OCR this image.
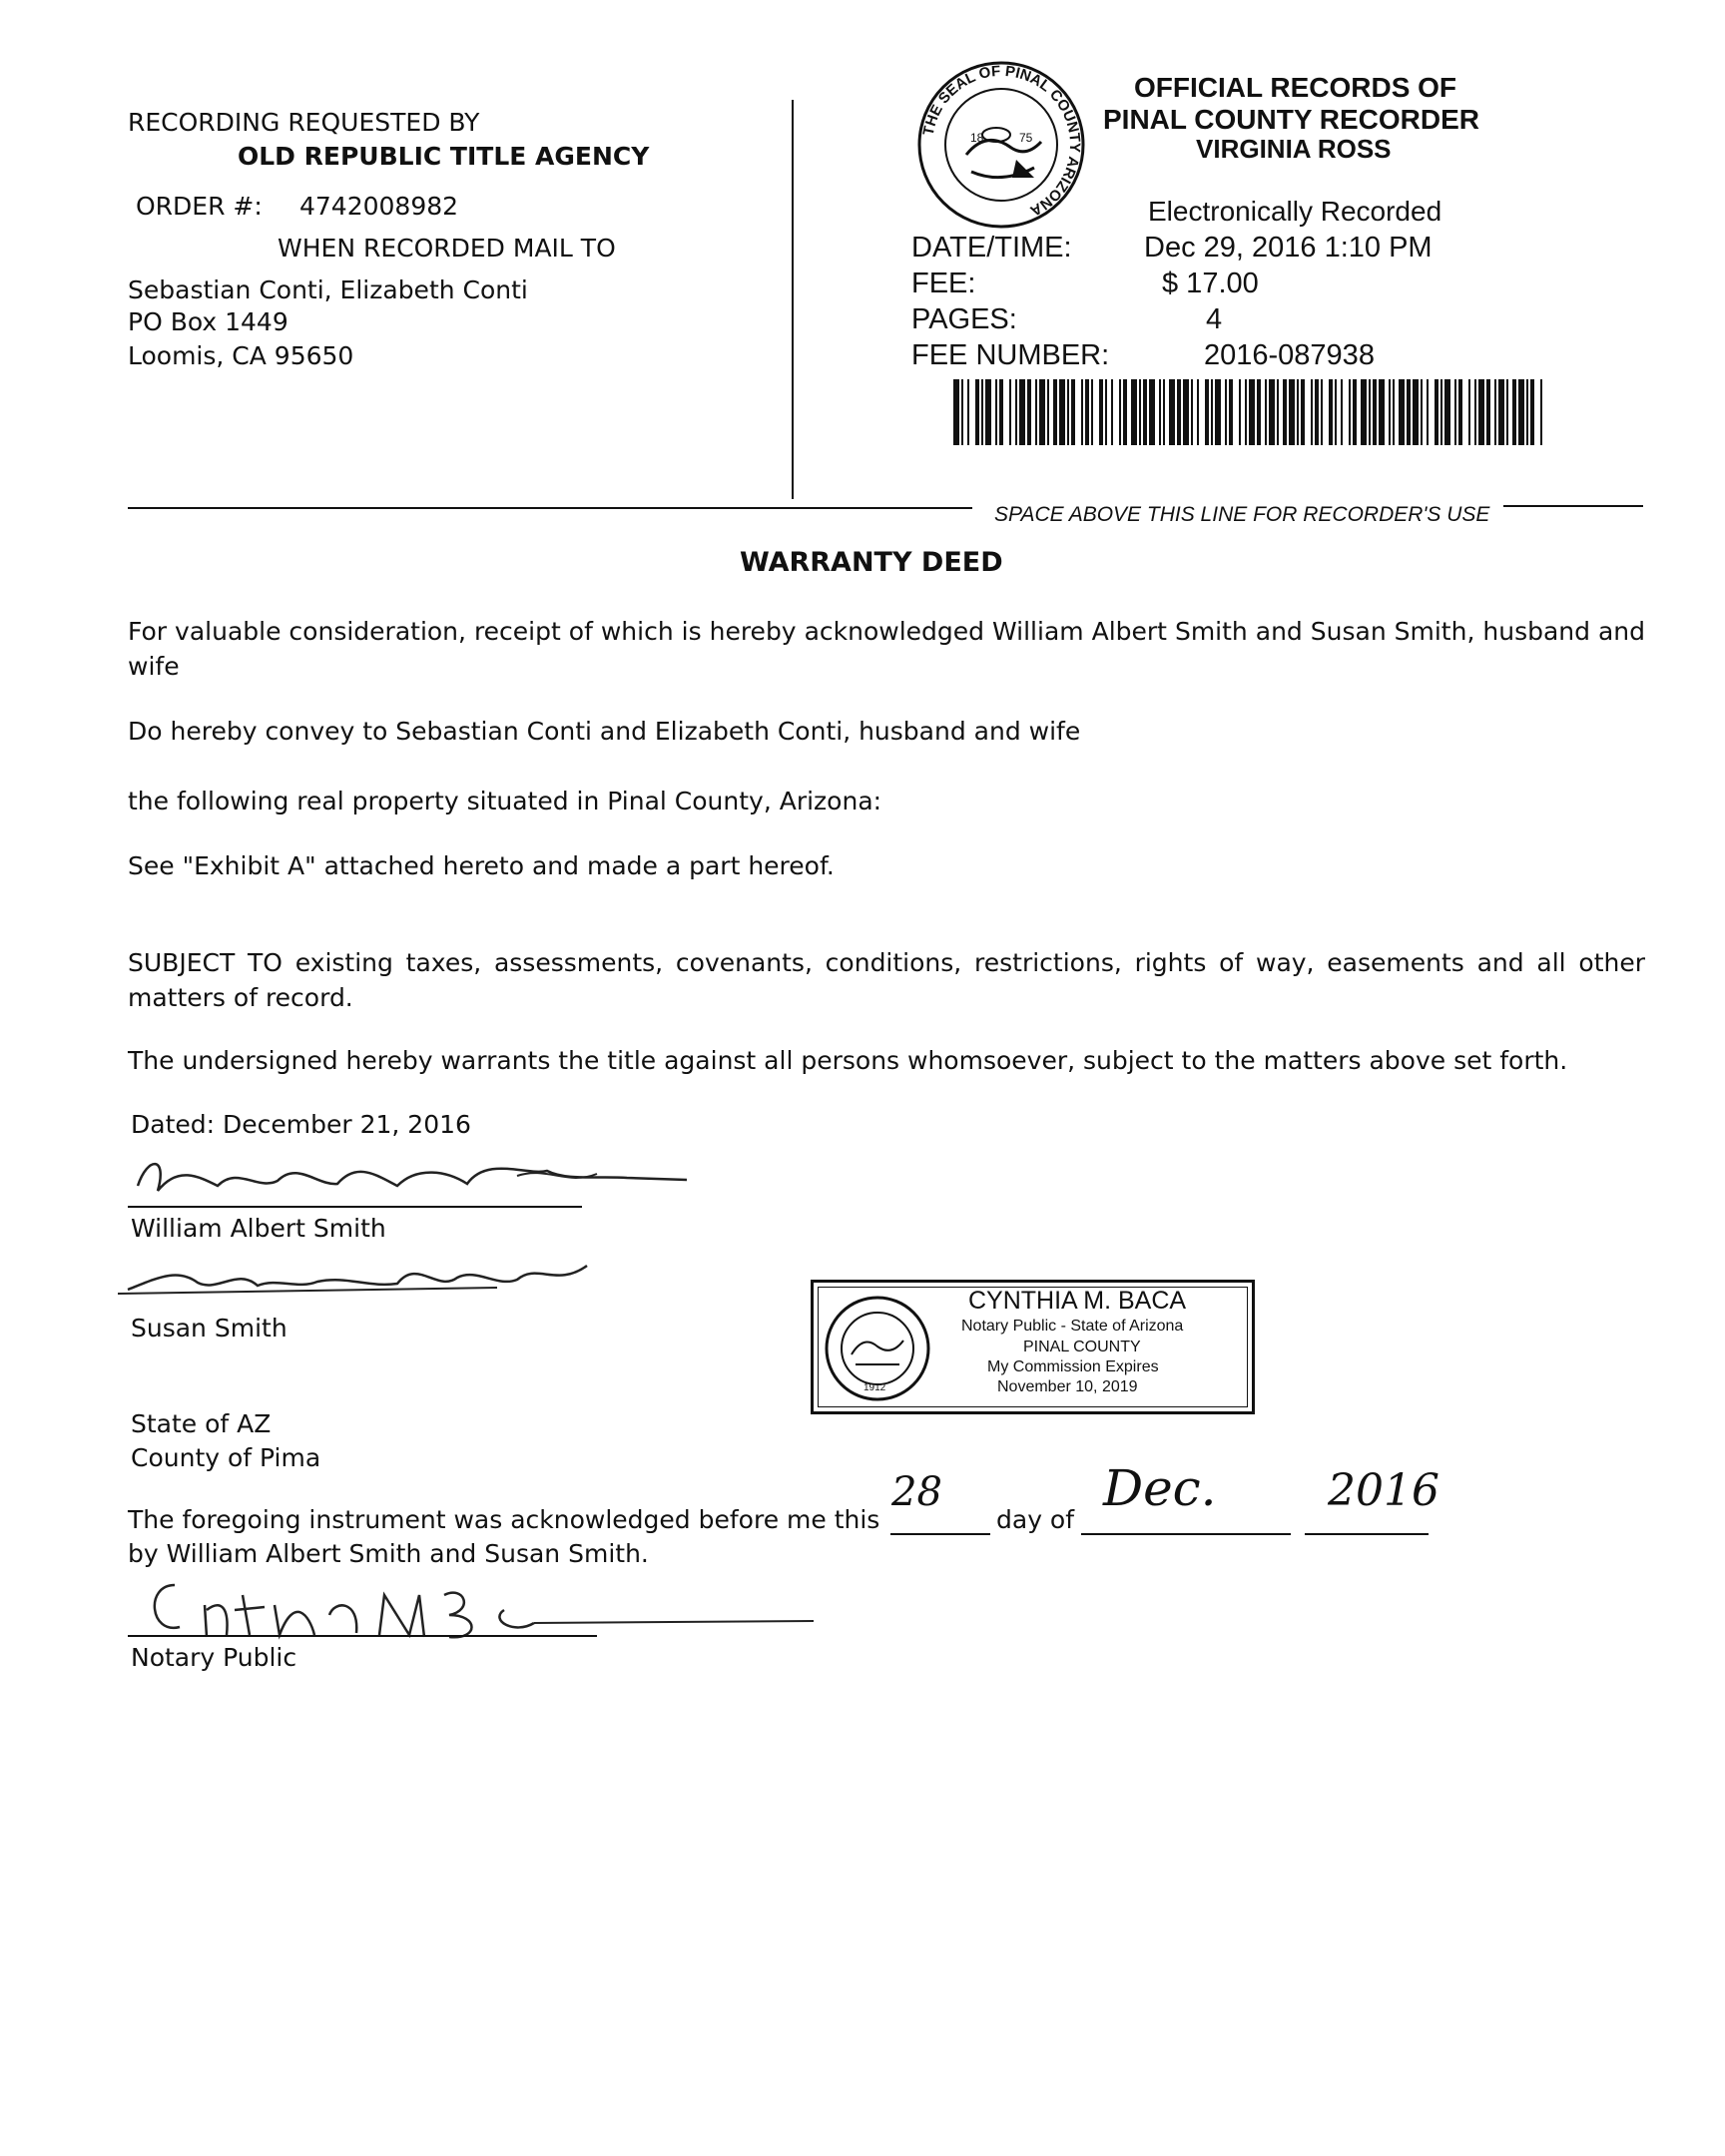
RECORDING REQUESTED BY
OLD REPUBLIC TITLE AGENCY
ORDER #: 4742008982
WHEN RECORDED MAIL TO
Sebastian Conti, Elizabeth Conti
PO Box 1449
Loomis, CA 95650
THE SEAL OF PINAL COUNTY ARIZONA
18	75
OFFICIAL RECORDS OF
PINAL COUNTY RECORDER
VIRGINIA ROSS
Electronically Recorded
DATE/TIME: Dec 29, 2016 1:10 PM
FEE:	$ 17.00
PAGES:	4
FEE NUMBER:	2016-087938
SPACE ABOVE THIS LINE FOR RECORDER'S USE
WARRANTY DEED
For valuable consideration, receipt of which is hereby acknowledged William Albert Smith and Susan Smith, husband and wife
Do hereby convey to Sebastian Conti and Elizabeth Conti, husband and wife
the following real property situated in Pinal County, Arizona:
See "Exhibit A" attached hereto and made a part hereof.
SUBJECT TO existing taxes, assessments, covenants, conditions, restrictions, rights of way, easements and all other matters of record.
The undersigned hereby warrants the title against all persons whomsoever, subject to the matters above set forth.
Dated: December 21, 2016
William Albert Smith
Susan Smith
1912
CYNTHIA M. BACA
Notary Public - State of Arizona
PINAL COUNTY
My Commission Expires
November 10, 2019
State of AZ
County of Pima
The foregoing instrument was acknowledged before me this
28
day of
Dec.	2016
by William Albert Smith and Susan Smith.
Notary Public
